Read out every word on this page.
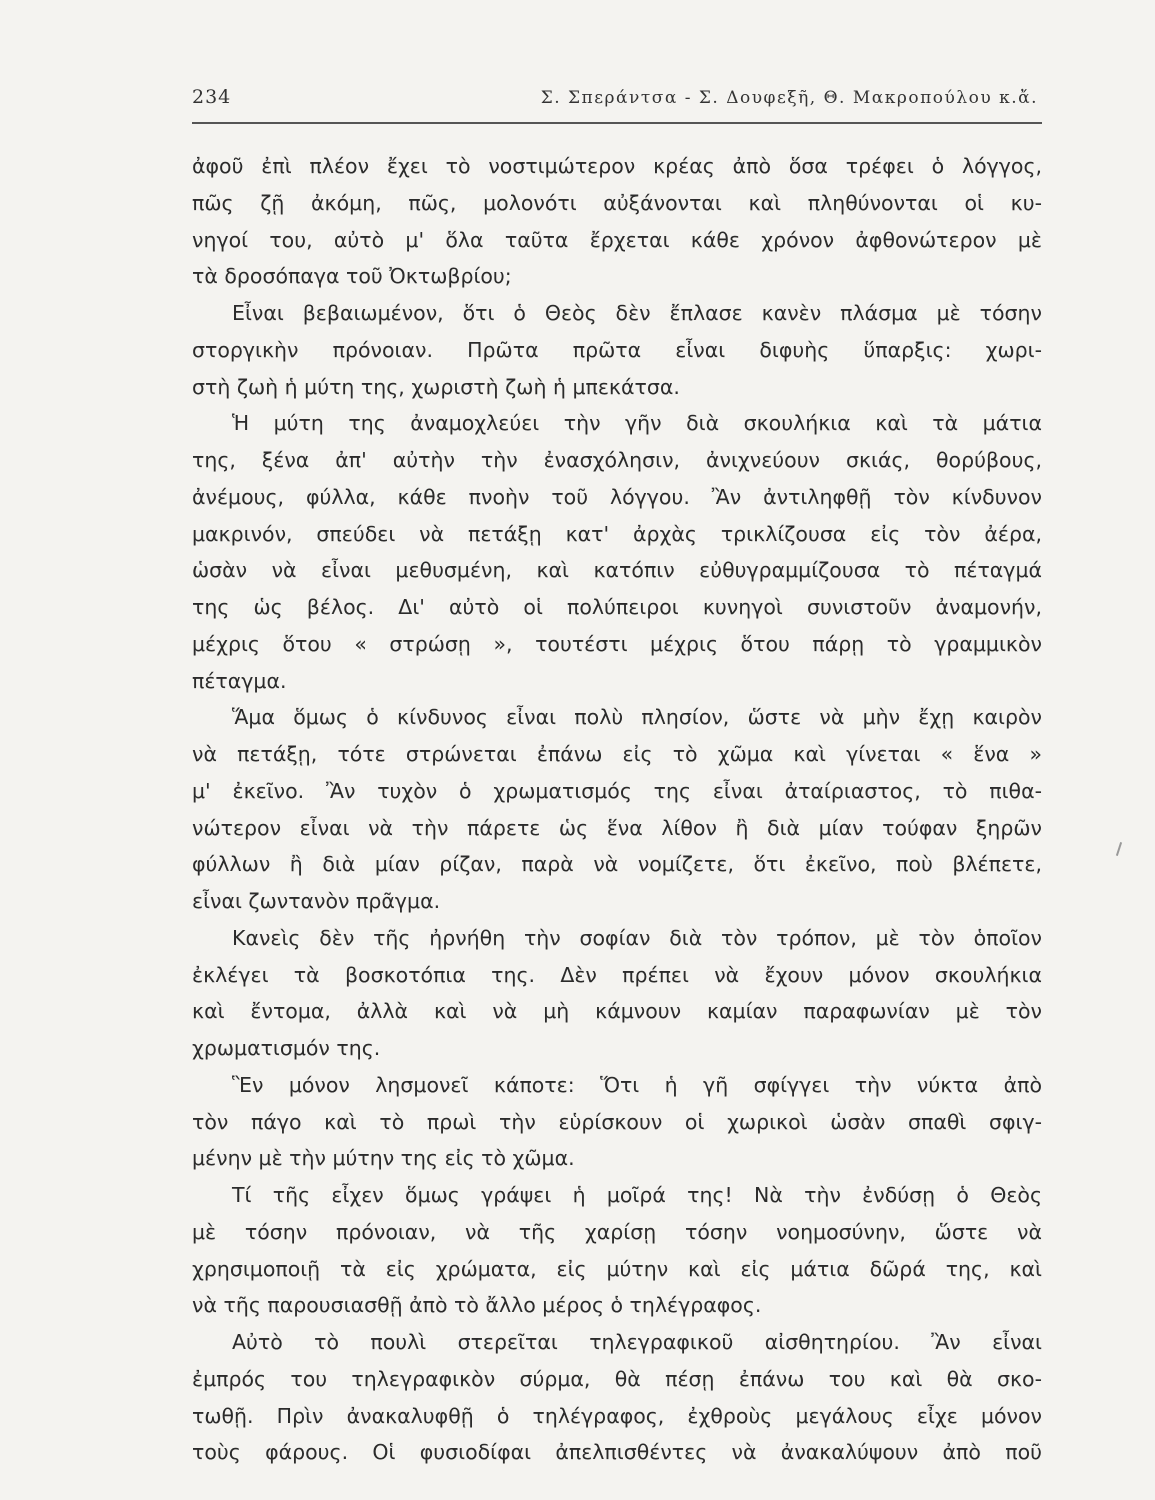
234	Σ. Σπεράντσα - Σ. Δουφεξῆ, Θ. Μακροπούλου κ.ἄ.
ἀφοῦ ἐπὶ πλέον ἔχει τὸ νοστιμώτερον κρέας ἀπὸ ὅσα τρέφει ὁ λόγγος,
πῶς ζῇ ἀκόμη, πῶς, μολονότι αὐξάνονται καὶ πληθύνονται οἱ κυ-
νηγοί του, αὐτὸ μ' ὅλα ταῦτα ἔρχεται κάθε χρόνον ἀφθονώτερον μὲ
τὰ δροσόπαγα τοῦ Ὀκτωβρίου;
Εἶναι βεβαιωμένον, ὅτι ὁ Θεὸς δὲν ἔπλασε κανὲν πλάσμα μὲ τόσην
στοργικὴν πρόνοιαν. Πρῶτα πρῶτα εἶναι διφυὴς ὕπαρξις: χωρι-
στὴ ζωὴ ἡ μύτη της, χωριστὴ ζωὴ ἡ μπεκάτσα.
Ἡ μύτη της ἀναμοχλεύει τὴν γῆν διὰ σκουλήκια καὶ τὰ μάτια
της, ξένα ἀπ' αὐτὴν τὴν ἐνασχόλησιν, ἀνιχνεύουν σκιάς, θορύβους,
ἀνέμους, φύλλα, κάθε πνοὴν τοῦ λόγγου. Ἂν ἀντιληφθῇ τὸν κίνδυνον
μακρινόν, σπεύδει νὰ πετάξῃ κατ' ἀρχὰς τρικλίζουσα εἰς τὸν ἀέρα,
ὡσὰν νὰ εἶναι μεθυσμένη, καὶ κατόπιν εὐθυγραμμίζουσα τὸ πέταγμά
της ὡς βέλος. Δι' αὐτὸ οἱ πολύπειροι κυνηγοὶ συνιστοῦν ἀναμονήν,
μέχρις ὅτου « στρώσῃ », τουτέστι μέχρις ὅτου πάρῃ τὸ γραμμικὸν
πέταγμα.
Ἅμα ὅμως ὁ κίνδυνος εἶναι πολὺ πλησίον, ὥστε νὰ μὴν ἔχῃ καιρὸν
νὰ πετάξῃ, τότε στρώνεται ἐπάνω εἰς τὸ χῶμα καὶ γίνεται « ἕνα »
μ' ἐκεῖνο. Ἂν τυχὸν ὁ χρωματισμός της εἶναι ἀταίριαστος, τὸ πιθα-
νώτερον εἶναι νὰ τὴν πάρετε ὡς ἕνα λίθον ἢ διὰ μίαν τούφαν ξηρῶν
φύλλων ἢ διὰ μίαν ρίζαν, παρὰ νὰ νομίζετε, ὅτι ἐκεῖνο, ποὺ βλέπετε,
εἶναι ζωντανὸν πρᾶγμα.
Κανεὶς δὲν τῆς ἠρνήθη τὴν σοφίαν διὰ τὸν τρόπον, μὲ τὸν ὁποῖον
ἐκλέγει τὰ βοσκοτόπια της. Δὲν πρέπει νὰ ἔχουν μόνον σκουλήκια
καὶ ἔντομα, ἀλλὰ καὶ νὰ μὴ κάμνουν καμίαν παραφωνίαν μὲ τὸν
χρωματισμόν της.
Ἓν μόνον λησμονεῖ κάποτε: Ὅτι ἡ γῆ σφίγγει τὴν νύκτα ἀπὸ
τὸν πάγο καὶ τὸ πρωὶ τὴν εὑρίσκουν οἱ χωρικοὶ ὡσὰν σπαθὶ σφιγ-
μένην μὲ τὴν μύτην της εἰς τὸ χῶμα.
Τί τῆς εἶχεν ὅμως γράψει ἡ μοῖρά της! Νὰ τὴν ἐνδύσῃ ὁ Θεὸς
μὲ τόσην πρόνοιαν, νὰ τῆς χαρίσῃ τόσην νοημοσύνην, ὥστε νὰ
χρησιμοποιῇ τὰ εἰς χρώματα, εἰς μύτην καὶ εἰς μάτια δῶρά της, καὶ
νὰ τῆς παρουσιασθῇ ἀπὸ τὸ ἄλλο μέρος ὁ τηλέγραφος.
Αὐτὸ τὸ πουλὶ στερεῖται τηλεγραφικοῦ αἰσθητηρίου. Ἂν εἶναι
ἐμπρός του τηλεγραφικὸν σύρμα, θὰ πέσῃ ἐπάνω του καὶ θὰ σκο-
τωθῇ. Πρὶν ἀνακαλυφθῇ ὁ τηλέγραφος, ἐχθροὺς μεγάλους εἶχε μόνον
τοὺς φάρους. Οἱ φυσιοδίφαι ἀπελπισθέντες νὰ ἀνακαλύψουν ἀπὸ ποῦ
